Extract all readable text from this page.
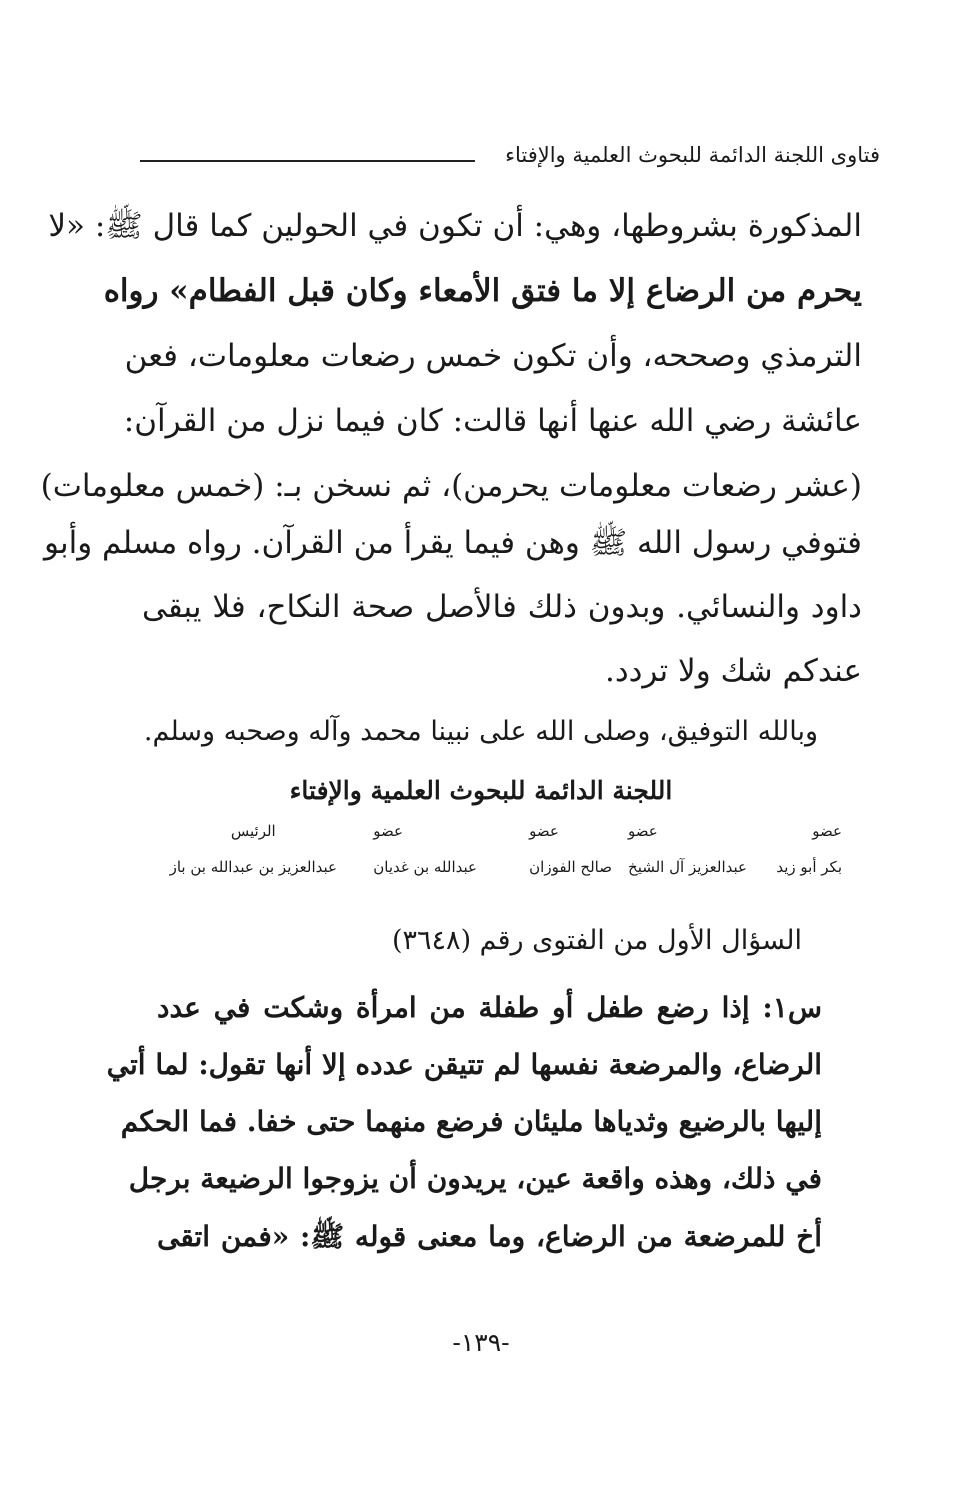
فتاوى اللجنة الدائمة للبحوث العلمية والإفتاء
المذكورة بشروطها، وهي: أن تكون في الحولين كما قال ﷺ: «لا
يحرم من الرضاع إلا ما فتق الأمعاء وكان قبل الفطام» رواه
الترمذي وصححه، وأن تكون خمس رضعات معلومات، فعن
عائشة رضي الله عنها أنها قالت: كان فيما نزل من القرآن:
(عشر رضعات معلومات يحرمن)، ثم نسخن بـ: (خمس معلومات)
فتوفي رسول الله ﷺ وهن فيما يقرأ من القرآن. رواه مسلم وأبو
داود والنسائي. وبدون ذلك فالأصل صحة النكاح، فلا يبقى
عندكم شك ولا تردد.
وبالله التوفيق، وصلى الله على نبينا محمد وآله وصحبه وسلم.
اللجنة الدائمة للبحوث العلمية والإفتاء
عضو
بكر أبو زيد
عضو
عبدالعزيز آل الشيخ
عضو
صالح الفوزان
عضو
عبدالله بن غديان
الرئيس
عبدالعزيز بن عبدالله بن باز
السؤال الأول من الفتوى رقم (٣٦٤٨)
س١: إذا رضع طفل أو طفلة من امرأة وشكت في عدد
الرضاع، والمرضعة نفسها لم تتيقن عدده إلا أنها تقول: لما أتي
إليها بالرضيع وثدياها مليئان فرضع منهما حتى خفا. فما الحكم
في ذلك، وهذه واقعة عين، يريدون أن يزوجوا الرضيعة برجل
أخ للمرضعة من الرضاع، وما معنى قوله ﷺ: «فمن اتقى
-١٣٩-
